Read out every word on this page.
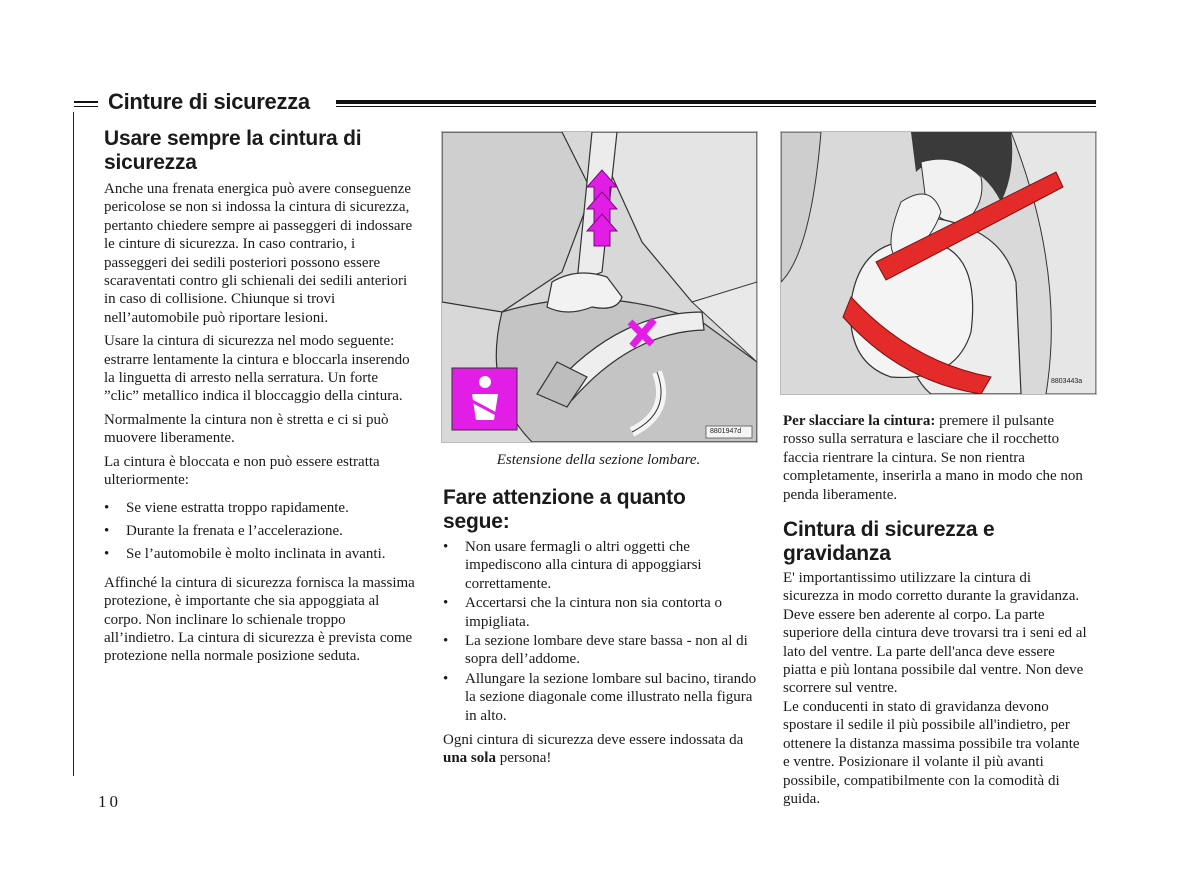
Cinture di sicurezza
Usare sempre la cintura di sicurezza

Anche una frenata energica può avere conseguenze pericolose se non si indossa la cintura di sicurezza, pertanto chiedere sempre ai passeggeri di indossare le cinture di sicurezza. In caso contrario, i passeggeri dei sedili posteriori possono essere scaraventati contro gli schienali dei sedili anteriori in caso di collisione. Chiunque si trovi nell’automobile può riportare lesioni.

Usare la cintura di sicurezza nel modo seguente: estrarre lentamente la cintura e bloccarla inserendo la linguetta di arresto nella serratura. Un forte ”clic” metallico indica il bloccaggio della cintura.

Normalmente la cintura non è stretta e ci si può muovere liberamente.

La cintura è bloccata e non può essere estratta ulteriormente:

• Se viene estratta troppo rapidamente.
• Durante la frenata e l’accelerazione.
• Se l’automobile è molto inclinata in avanti.

Affinché la cintura di sicurezza fornisca la massima protezione, è importante che sia appoggiata al corpo. Non inclinare lo schienale troppo all’indietro. La cintura di sicurezza è prevista come protezione nella normale posizione seduta.

8801947d
Estensione della sezione lombare.
Fare attenzione a quanto segue:
• Non usare fermagli o altri oggetti che impediscono alla cintura di appoggiarsi correttamente.
• Accertarsi che la cintura non sia contorta o impigliata.
• La sezione lombare deve stare bassa - non al di sopra dell’addome.
• Allungare la sezione lombare sul bacino, tirando la sezione diagonale come illustrato nella figura in alto.

Ogni cintura di sicurezza deve essere indossata da una sola persona!

8803443a

Per slacciare la cintura: premere il pulsante rosso sulla serratura e lasciare che il rocchetto faccia rientrare la cintura. Se non rientra completamente, inserirla a mano in modo che non penda liberamente.

Cintura di sicurezza e gravidanza

E' importantissimo utilizzare la cintura di sicurezza in modo corretto durante la gravidanza. Deve essere ben aderente al corpo. La parte superiore della cintura deve trovarsi tra i seni ed al lato del ventre. La parte dell'anca deve essere piatta e più lontana possibile dal ventre. Non deve scorrere sul ventre.

Le conducenti in stato di gravidanza devono spostare il sedile il più possibile all'indietro, per ottenere la distanza massima possibile tra volante e ventre. Posizionare il volante il più avanti possibile, compatibilmente con la comodità di guida.

10
